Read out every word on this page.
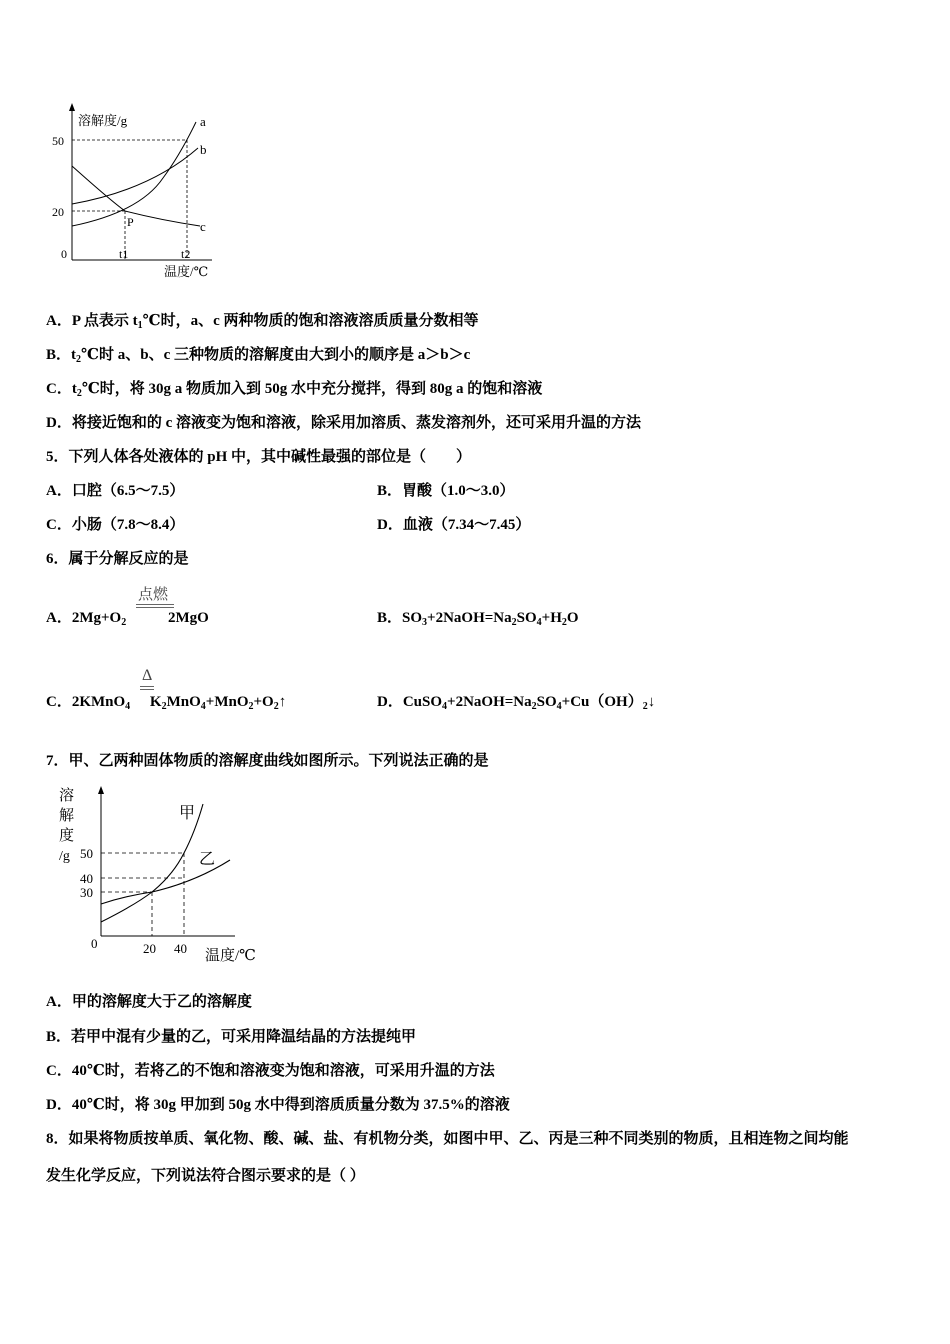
溶解度/g
50
20
0	t1	t2
温度/℃
a
b
c
P
A．P 点表示 $t_1℃$时，a、c 两种物质的饱和溶液溶质质量分数相等
B．$t_2℃$时 a、b、c 三种物质的溶解度由大到小的顺序是 a＞b＞c
C．$t_2℃$时，将 30g a 物质加入到 50g 水中充分搅拌，得到 80g a 的饱和溶液
D．将接近饱和的 c 溶液变为饱和溶液，除采用加溶质、蒸发溶剂外，还可采用升温的方法
5．下列人体各处液体的 pH 中，其中碱性最强的部位是（　　）
A．口腔（6.5～7.5）	B．胃酸（1.0～3.0）
C．小肠（7.8～8.4）	D．血液（7.34～7.45）
6．属于分解反应的是
点燃
A．$2Mg+O_2$	2MgO	B．$SO_3+2NaOH=Na_2SO_4+H_2O$
Δ
C．2KMnO$_4$ $K_2MnO_4+MnO_2+O_2↑$	D．$CuSO_4+2NaOH=Na_2SO_4+Cu(OH)_2↓$
7．甲、乙两种固体物质的溶解度曲线如图所示。下列说法正确的是
溶
解
度
/g 50
40
30
0	20 40 温度/℃
甲
乙
A．甲的溶解度大于乙的溶解度
B．若甲中混有少量的乙，可采用降温结晶的方法提纯甲
C．40℃时，若将乙的不饱和溶液变为饱和溶液，可采用升温的方法
D．40℃时，将 30g 甲加到 50g 水中得到溶质质量分数为 37.5%的溶液
8．如果将物质按单质、氧化物、酸、碱、盐、有机物分类，如图中甲、乙、丙是三种不同类别的物质，且相连物之间均能
发生化学反应，下列说法符合图示要求的是（ ）
